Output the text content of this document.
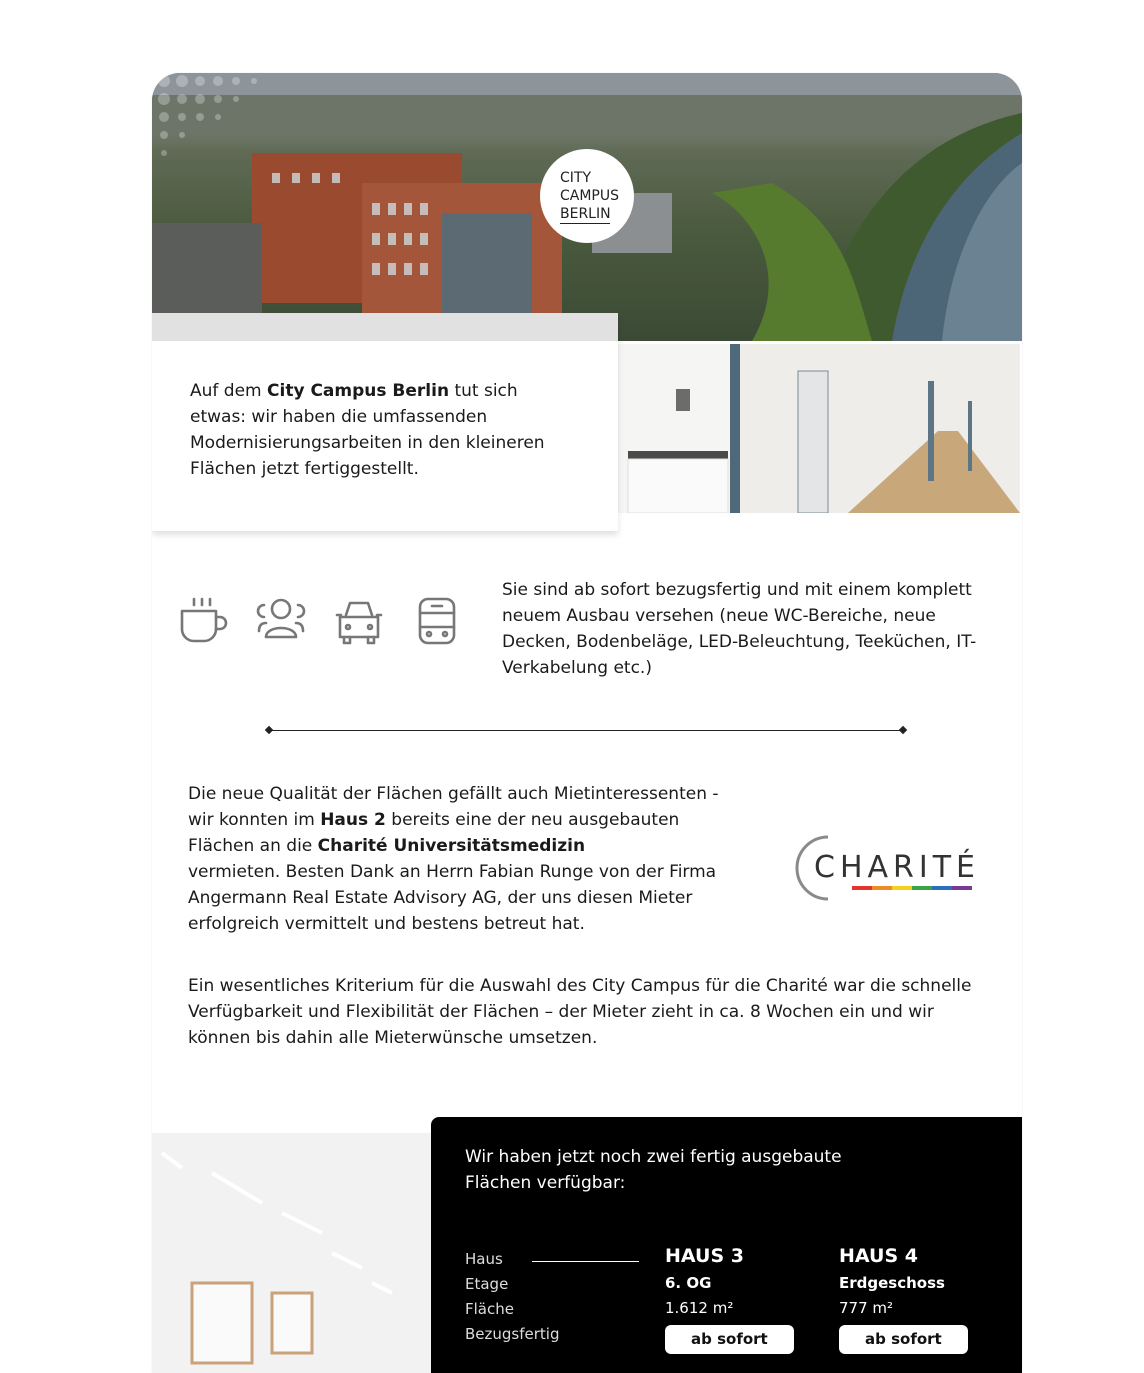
CITY
CAMPUS
BERLIN
Auf dem City Campus Berlin tut sich etwas: wir haben die umfassenden Modernisierungsarbeiten in den kleineren Flächen jetzt fertiggestellt.
Sie sind ab sofort bezugsfertig und mit einem komplett neuem Ausbau versehen (neue WC-Bereiche, neue Decken, Bodenbeläge, LED-Beleuchtung, Teeküchen, IT-Verkabelung etc.)
Die neue Qualität der Flächen gefällt auch Mietinteressenten - wir konnten im Haus 2 bereits eine der neu ausgebauten Flächen an die Charité Universitätsmedizin
vermieten. Besten Dank an Herrn Fabian Runge von der Firma Angermann Real Estate Advisory AG, der uns diesen Mieter erfolgreich vermittelt und bestens betreut hat.
CHARITÉ
Ein wesentliches Kriterium für die Auswahl des City Campus für die Charité war die schnelle Verfügbarkeit und Flexibilität der Flächen – der Mieter zieht in ca. 8 Wochen ein und wir können bis dahin alle Mieterwünsche umsetzen.
Wir haben jetzt noch zwei fertig ausgebaute Flächen verfügbar:
Haus
Etage
Fläche
Bezugsfertig
HAUS 3
6. OG
1.612 m²
ab sofort
HAUS 4
Erdgeschoss
777 m²
ab sofort
